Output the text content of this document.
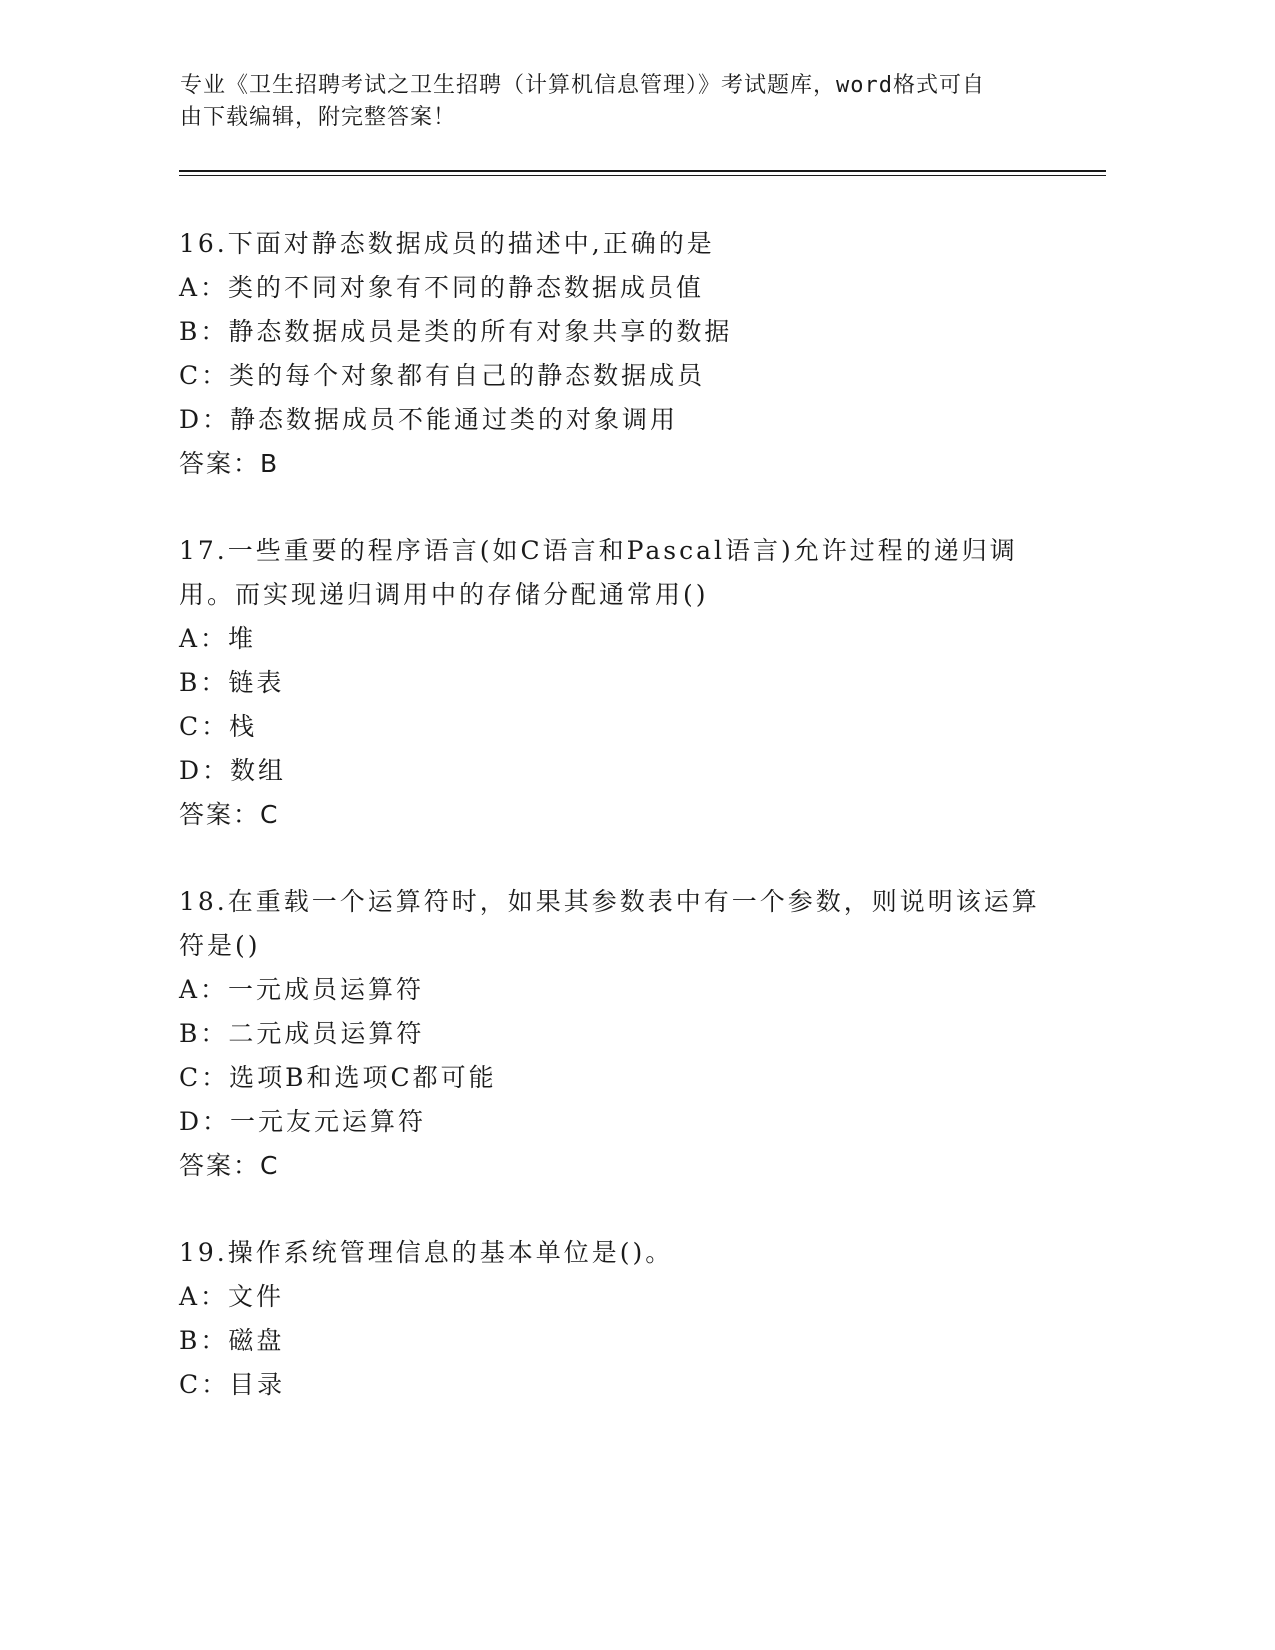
专业《卫生招聘考试之卫生招聘（计算机信息管理）》考试题库，word格式可自
由下载编辑，附完整答案！
16.下面对静态数据成员的描述中,正确的是
A：类的不同对象有不同的静态数据成员值
B：静态数据成员是类的所有对象共享的数据
C：类的每个对象都有自己的静态数据成员
D：静态数据成员不能通过类的对象调用
答案：B
17.一些重要的程序语言(如C语言和Pascal语言)允许过程的递归调
用。而实现递归调用中的存储分配通常用()
A：堆
B：链表
C：栈
D：数组
答案：C
18.在重载一个运算符时，如果其参数表中有一个参数，则说明该运算
符是()
A：一元成员运算符
B：二元成员运算符
C：选项B和选项C都可能
D：一元友元运算符
答案：C
19.操作系统管理信息的基本单位是()。
A：文件
B：磁盘
C：目录
